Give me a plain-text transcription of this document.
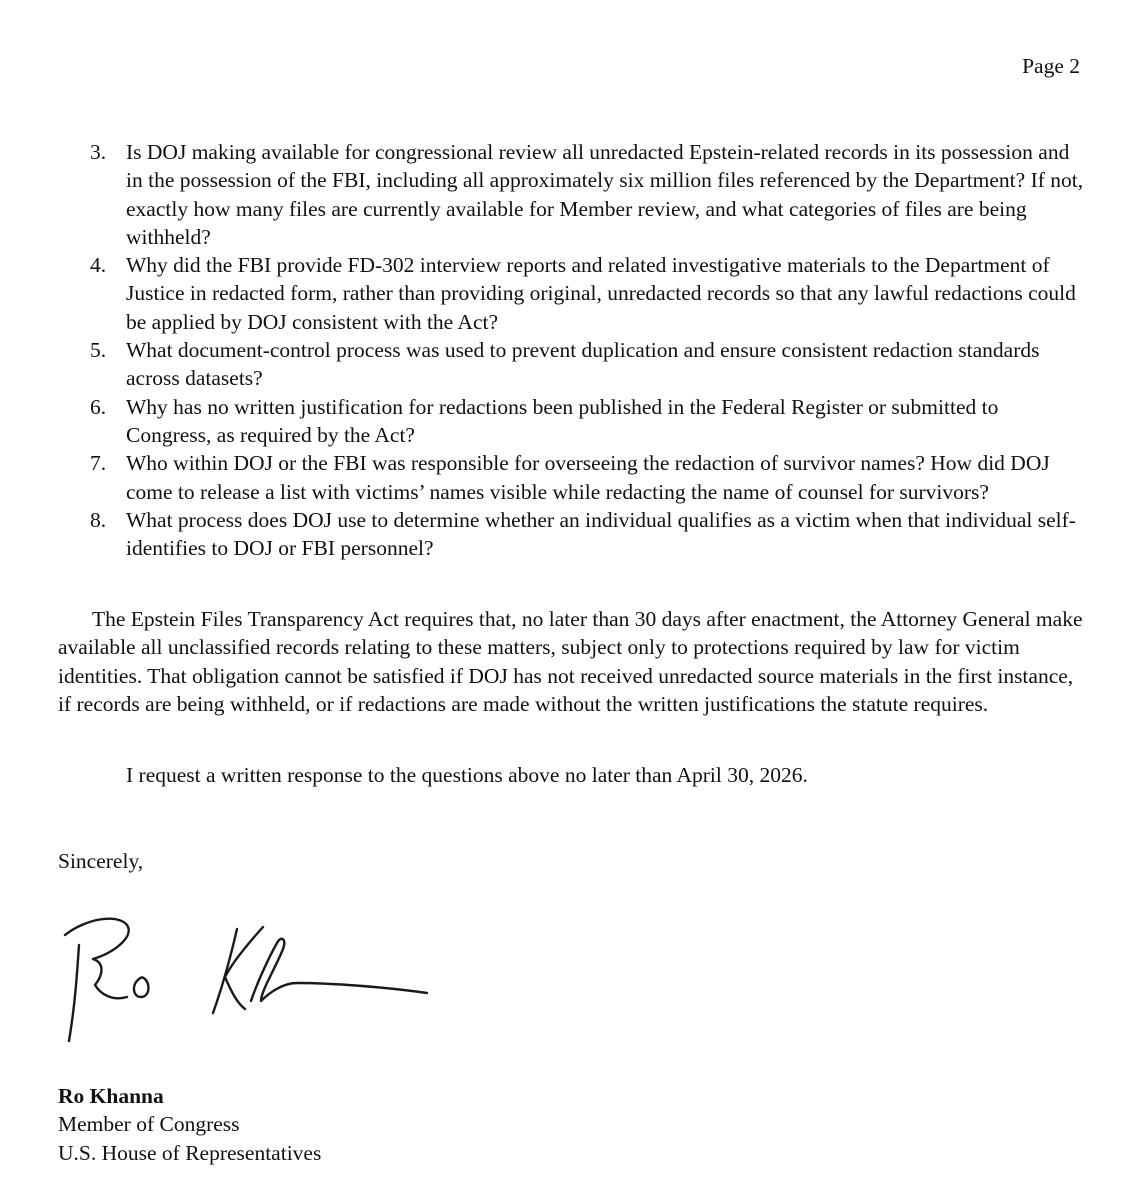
Page 2
3. Is DOJ making available for congressional review all unredacted Epstein-related records in its possession and in the possession of the FBI, including all approximately six million files referenced by the Department? If not, exactly how many files are currently available for Member review, and what categories of files are being withheld?
4. Why did the FBI provide FD-302 interview reports and related investigative materials to the Department of Justice in redacted form, rather than providing original, unredacted records so that any lawful redactions could be applied by DOJ consistent with the Act?
5. What document-control process was used to prevent duplication and ensure consistent redaction standards across datasets?
6. Why has no written justification for redactions been published in the Federal Register or submitted to Congress, as required by the Act?
7. Who within DOJ or the FBI was responsible for overseeing the redaction of survivor names? How did DOJ come to release a list with victims’ names visible while redacting the name of counsel for survivors?
8. What process does DOJ use to determine whether an individual qualifies as a victim when that individual self-identifies to DOJ or FBI personnel?

The Epstein Files Transparency Act requires that, no later than 30 days after enactment, the Attorney General make available all unclassified records relating to these matters, subject only to protections required by law for victim identities. That obligation cannot be satisfied if DOJ has not received unredacted source materials in the first instance, if records are being withheld, or if redactions are made without the written justifications the statute requires.

I request a written response to the questions above no later than April 30, 2026.

Sincerely,

Ro Khanna
Member of Congress
U.S. House of Representatives
